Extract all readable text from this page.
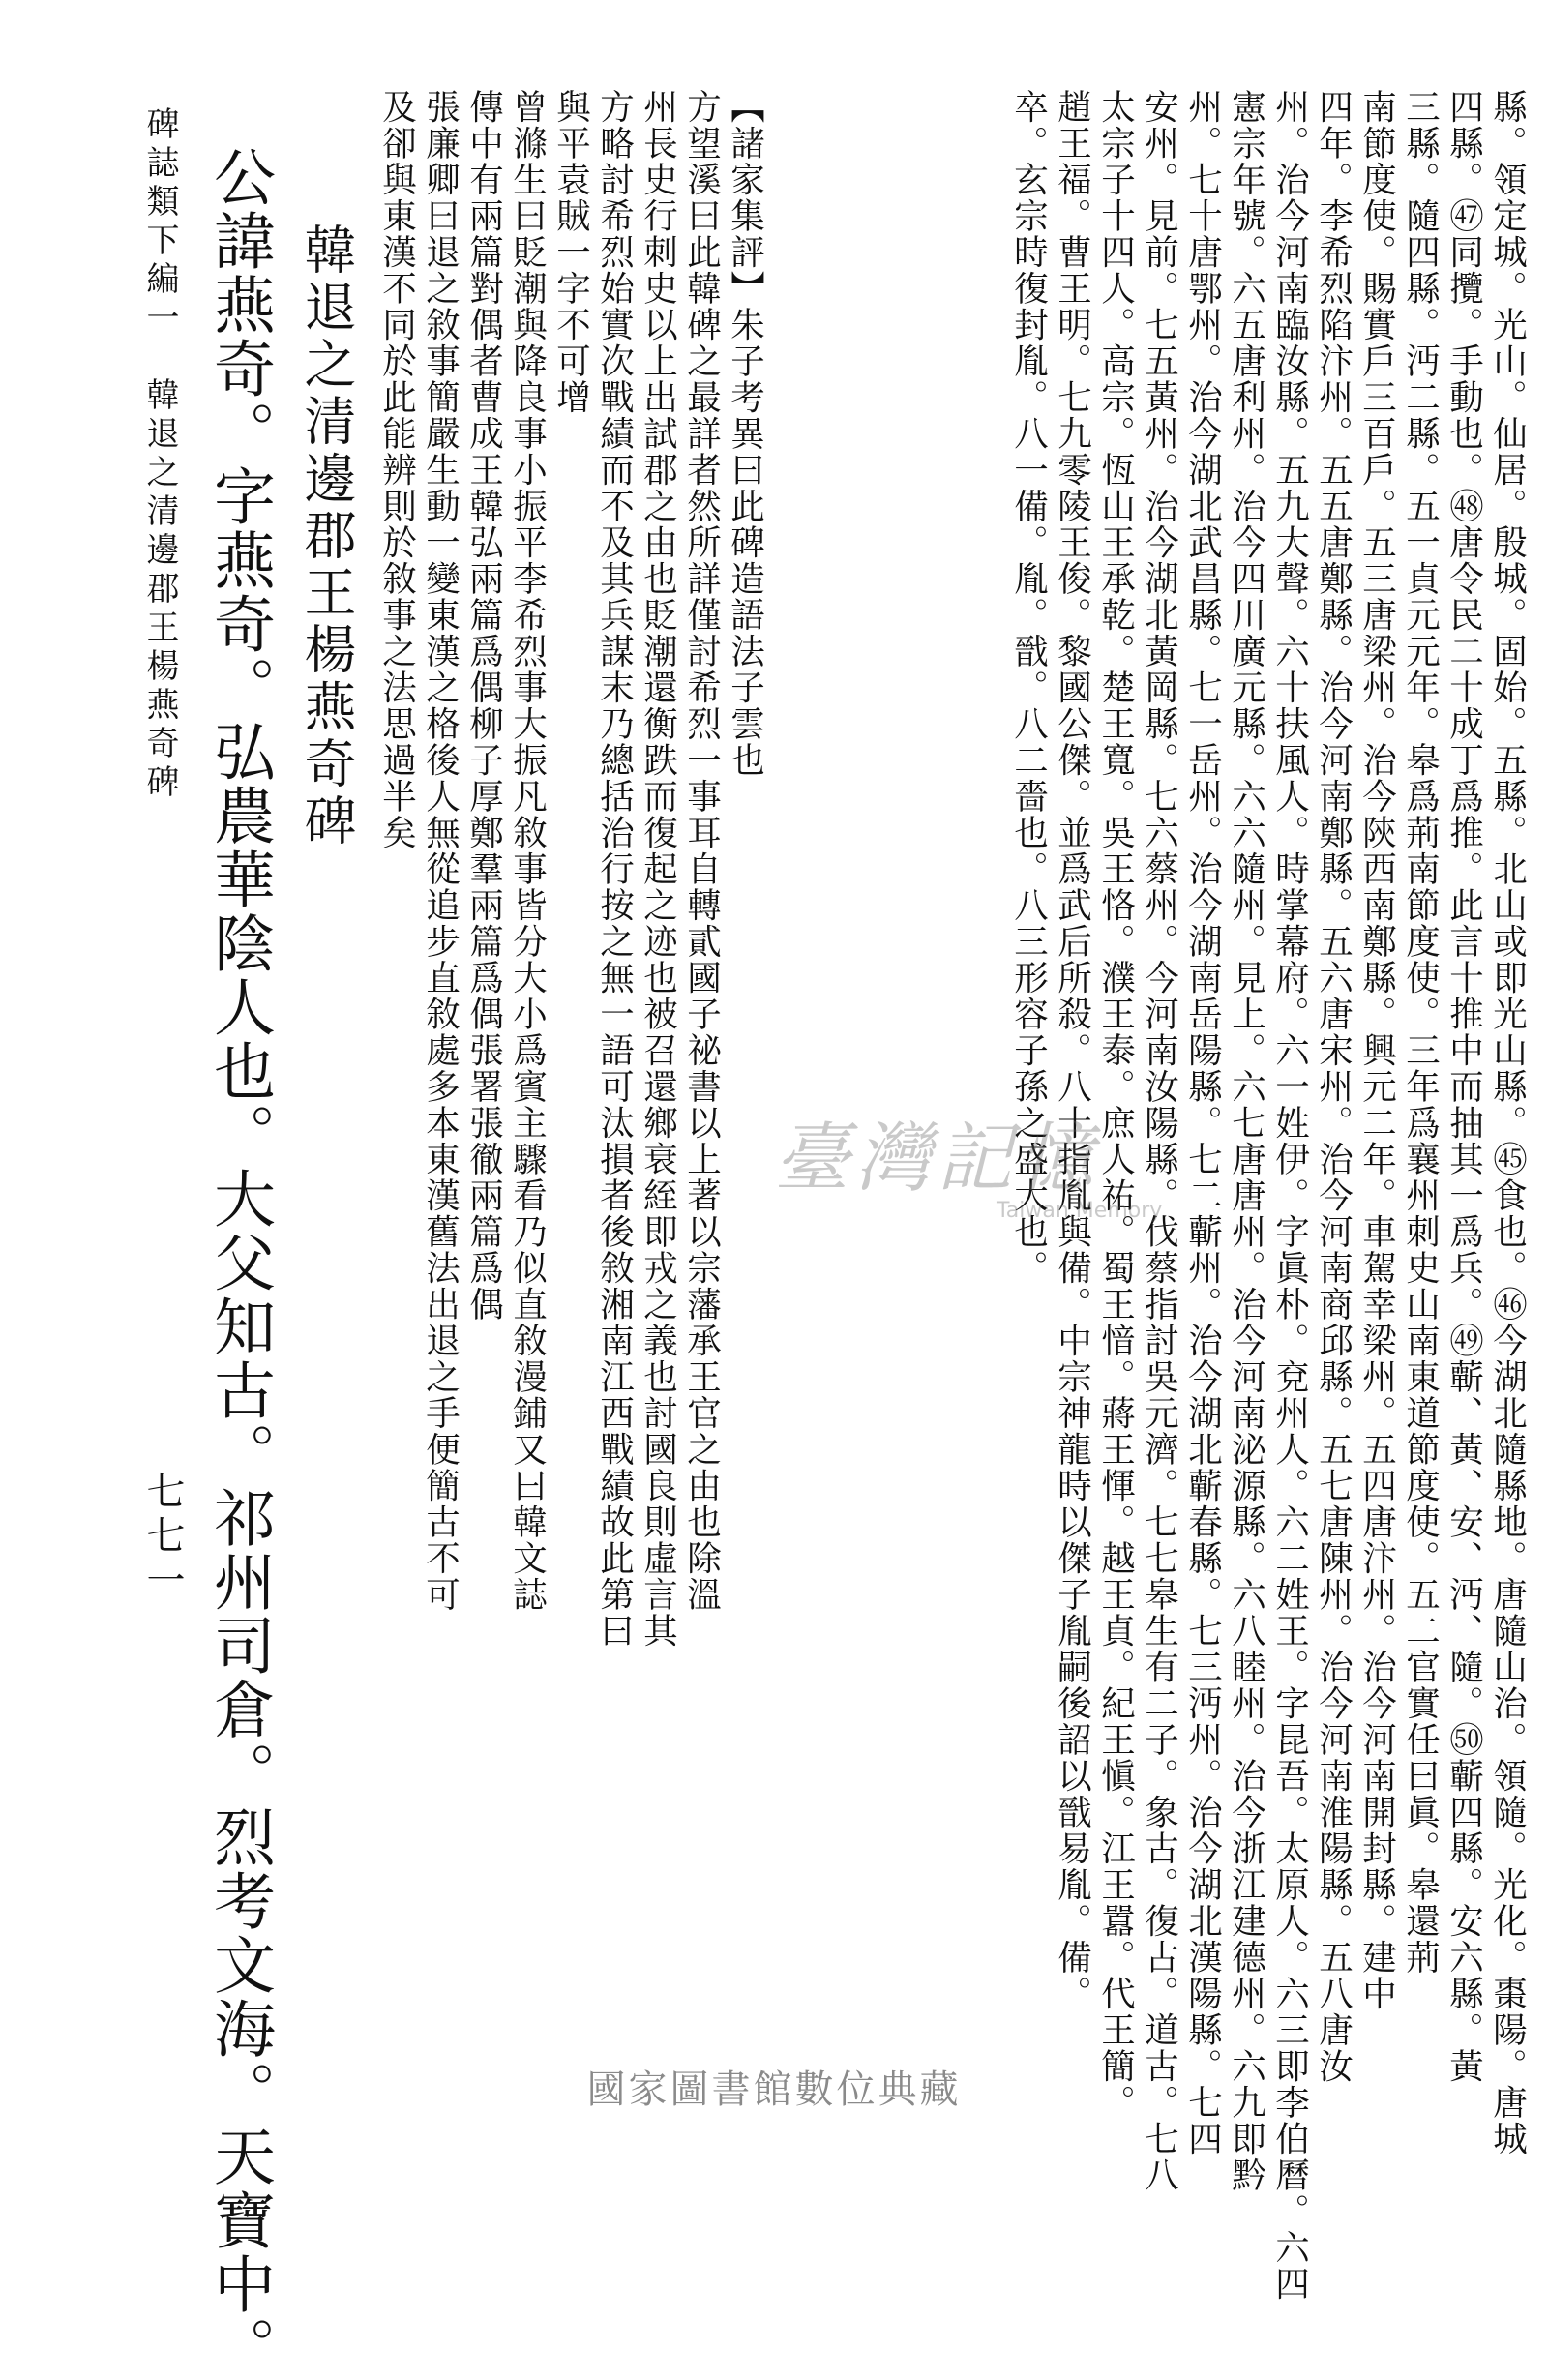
縣。領定城。光山。仙居。殷城。固始。五縣。北山或即光山縣。㊺食也。㊻今湖北隨縣地。唐隨山治。領隨。光化。棗陽。唐城
四縣。㊼同攬。手動也。㊽唐令民二十成丁爲推。此言十推中而抽其一爲兵。㊾蘄、黃、安、沔、隨。㊿蘄四縣。安六縣。黃
三縣。隨四縣。沔二縣。五一貞元元年。皋爲荊南節度使。三年爲襄州刺史山南東道節度使。五二官實任曰眞。皋還荊
南節度使。賜實戶三百戶。五三唐梁州。治今陝西南鄭縣。興元二年。車駕幸梁州。五四唐汴州。治今河南開封縣。建中
四年。李希烈陷汴州。五五唐鄭縣。治今河南鄭縣。五六唐宋州。治今河南商邱縣。五七唐陳州。治今河南淮陽縣。五八唐汝
州。治今河南臨汝縣。五九大聲。六十扶風人。時掌幕府。六一姓伊。字眞朴。兗州人。六二姓王。字昆吾。太原人。六三即李伯曆。六四
憲宗年號。六五唐利州。治今四川廣元縣。六六隨州。見上。六七唐唐州。治今河南泌源縣。六八睦州。治今浙江建德州。六九即黔
州。七十唐鄂州。治今湖北武昌縣。七一岳州。治今湖南岳陽縣。七二蘄州。治今湖北蘄春縣。七三沔州。治今湖北漢陽縣。七四
安州。見前。七五黃州。治今湖北黃岡縣。七六蔡州。今河南汝陽縣。伐蔡指討吳元濟。七七皋生有二子。象古。復古。道古。七八
太宗子十四人。高宗。恆山王承乾。楚王寬。吳王恪。濮王泰。庶人祐。蜀王愔。蔣王惲。越王貞。紀王愼。江王囂。代王簡。
趙王福。曹王明。七九零陵王俊。黎國公傑。並爲武后所殺。八十指胤與備。中宗神龍時以傑子胤嗣後詔以戩易胤。備。
卒。玄宗時復封胤。八一備。胤。戩。八二嗇也。八三形容子孫之盛大也。
【諸家集評】朱子考異曰此碑造語法子雲也
方望溪曰此韓碑之最詳者然所詳僅討希烈一事耳自轉貳國子祕書以上著以宗藩承王官之由也除溫
州長史行刺史以上出試郡之由也貶潮還衡跌而復起之迹也被召還鄉衰絰即戎之義也討國良則虛言其
方略討希烈始實次戰績而不及其兵謀末乃總括治行按之無一語可汰損者後敘湘南江西戰績故此第曰
與平袁賊一字不可增
曾滌生曰貶潮與降良事小振平李希烈事大振凡敘事皆分大小爲賓主驟看乃似直敘漫鋪又曰韓文誌
傳中有兩篇對偶者曹成王韓弘兩篇爲偶柳子厚鄭羣兩篇爲偶張署張徹兩篇爲偶
張廉卿曰退之敘事簡嚴生動一變東漢之格後人無從追步直敘處多本東漢舊法出退之手便簡古不可
及卻與東漢不同於此能辨則於敘事之法思過半矣
韓退之清邊郡王楊燕奇碑
公諱燕奇。字燕奇。弘農華陰人也。大父知古。祁州司倉。烈考文海。天寶中。
碑誌類下編一　韓退之清邊郡王楊燕奇碑
七七一
臺灣記憶
Taiwan Memory
國家圖書館數位典藏
